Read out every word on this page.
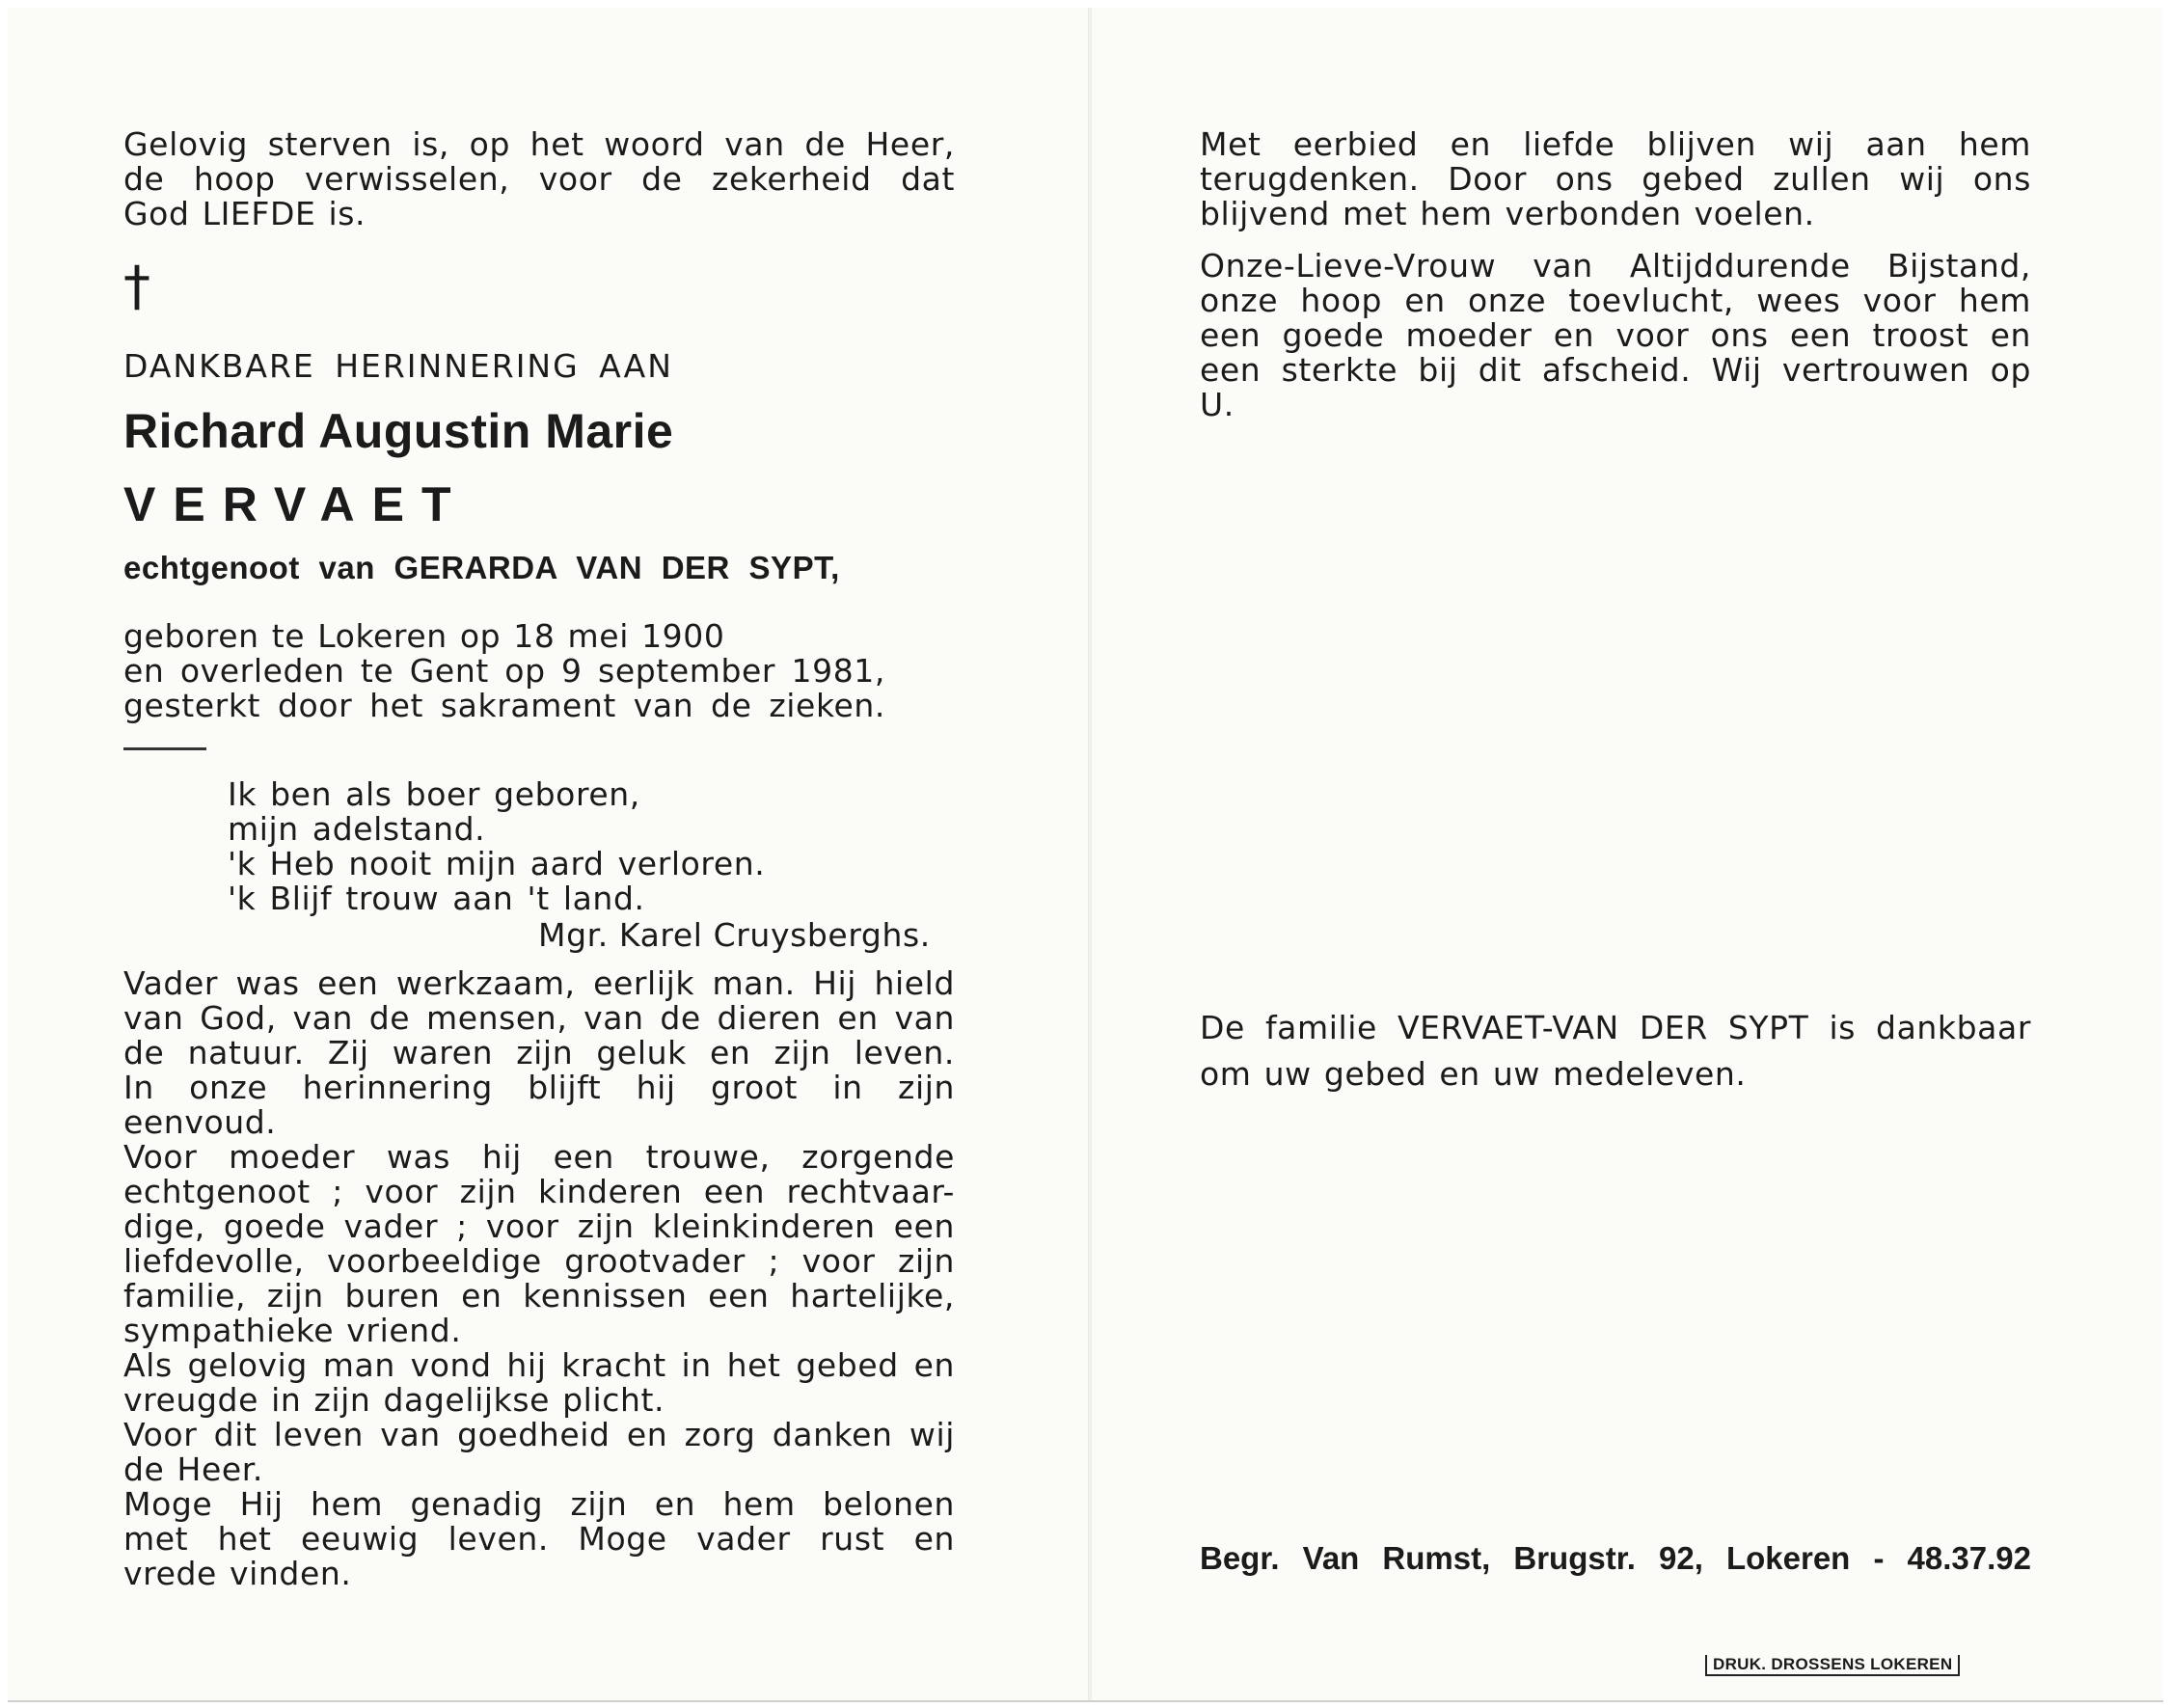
Gelovig sterven is, op het woord van de Heer,
de hoop verwisselen, voor de zekerheid dat

God LIEFDE is.

†
DANKBARE HERINNERING AAN
Richard Augustin Marie
VERVAET
echtgenoot van GERARDA VAN DER SYPT,

geboren te Lokeren op 18 mei 1900

en overleden te Gent op 9 september 1981,
gesterkt door het sakrament van de zieken.

Ik ben als boer geboren,
mijn adelstand.
'k Heb nooit mijn aard verloren.
'k Blijf trouw aan 't land.
Mgr. Karel Cruysberghs.

Vader was een werkzaam, eerlijk man. Hij hield
van God, van de mensen, van de dieren en van
de natuur. Zij waren zijn geluk en zijn leven.
In onze herinnering blijft hij groot in zijn

eenvoud.

Voor moeder was hij een trouwe, zorgende
echtgenoot ; voor zijn kinderen een rechtvaar-
dige, goede vader ; voor zijn kleinkinderen een
liefdevolle, voorbeeldige grootvader ; voor zijn
familie, zijn buren en kennissen een hartelijke,

sympathieke vriend.

Als gelovig man vond hij kracht in het gebed en

vreugde in zijn dagelijkse plicht.

Voor dit leven van goedheid en zorg danken wij

de Heer.

Moge Hij hem genadig zijn en hem belonen
met het eeuwig leven. Moge vader rust en

vrede vinden.

Met eerbied en liefde blijven wij aan hem
terugdenken. Door ons gebed zullen wij ons

blijvend met hem verbonden voelen.

Onze-Lieve-Vrouw van Altijddurende Bijstand,
onze hoop en onze toevlucht, wees voor hem
een goede moeder en voor ons een troost en
een sterkte bij dit afscheid. Wij vertrouwen op

U.

De familie VERVAET-VAN DER SYPT is dankbaar

om uw gebed en uw medeleven.

Begr. Van Rumst, Brugstr. 92, Lokeren - 48.37.92
DRUK. DROSSENS LOKEREN
